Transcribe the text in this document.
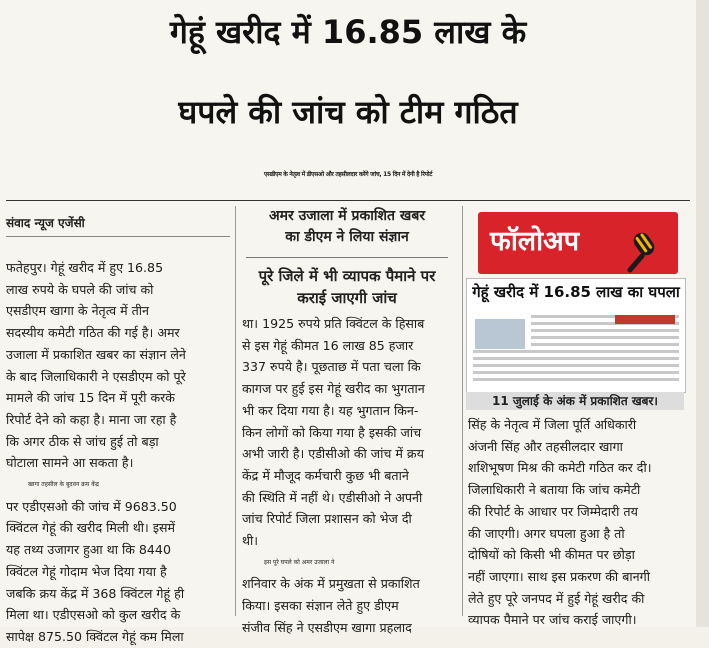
गेहूं खरीद में 16.85 लाख के
घपले की जांच को टीम गठित
एसडीएम के नेतृत्व में डीएसओ और तहसीलदार करेंगे जांच, 15 दिन में देनी है रिपोर्ट
संवाद न्यूज एजेंसी	अमर उजाला में प्रकाशित खबर
का डीएम ने लिया संज्ञान
पूरे जिले में भी व्यापक पैमाने पर
कराई जाएगी जांच
फॉलोअप
गेहूं खरीद में 16.85 लाख का घपला
11 जुलाई के अंक में प्रकाशित खबर।
फतेहपुर। गेहूं खरीद में हुए 16.85
लाख रुपये के घपले की जांच को
एसडीएम खागा के नेतृत्व में तीन
सदस्यीय कमेटी गठित की गई है। अमर
उजाला में प्रकाशित खबर का संज्ञान लेने
के बाद जिलाधिकारी ने एसडीएम को पूरे
मामले की जांच 15 दिन में पूरी करके
रिपोर्ट देने को कहा है। माना जा रहा है
कि अगर ठीक से जांच हुई तो बड़ा
घोटाला सामने आ सकता है।
खागा तहसील के बुदवन क्रय केंद्र
पर एडीएसओ की जांच में 9683.50
क्विंटल गेहूं की खरीद मिली थी। इसमें
यह तथ्य उजागर हुआ था कि 8440
क्विंटल गेहूं गोदाम भेज दिया गया है
जबकि क्रय केंद्र में 368 क्विंटल गेहूं ही
मिला था। एडीएसओ को कुल खरीद के
सापेक्ष 875.50 क्विंटल गेहूं कम मिला
था। 1925 रुपये प्रति क्विंटल के हिसाब
से इस गेहूं कीमत 16 लाख 85 हजार
337 रुपये है। पूछताछ में पता चला कि
कागज पर हुई इस गेहूं खरीद का भुगतान
भी कर दिया गया है। यह भुगतान किन-
किन लोगों को किया गया है इसकी जांच
अभी जारी है। एडीसीओ की जांच में क्रय
केंद्र में मौजूद कर्मचारी कुछ भी बताने
की स्थिति में नहीं थे। एडीसीओ ने अपनी
जांच रिपोर्ट जिला प्रशासन को भेज दी
थी।
इस पूरे घपले को अमर उजाला ने
शनिवार के अंक में प्रमुखता से प्रकाशित
किया। इसका संज्ञान लेते हुए डीएम
संजीव सिंह ने एसडीएम खागा प्रहलाद
सिंह के नेतृत्व में जिला पूर्ति अधिकारी
अंजनी सिंह और तहसीलदार खागा
शशिभूषण मिश्र की कमेटी गठित कर दी।
जिलाधिकारी ने बताया कि जांच कमेटी
की रिपोर्ट के आधार पर जिम्मेदारी तय
की जाएगी। अगर घपला हुआ है तो
दोषियों को किसी भी कीमत पर छोड़ा
नहीं जाएगा। साथ इस प्रकरण की बानगी
लेते हुए पूरे जनपद में हुई गेहूं खरीद की
व्यापक पैमाने पर जांच कराई जाएगी।
